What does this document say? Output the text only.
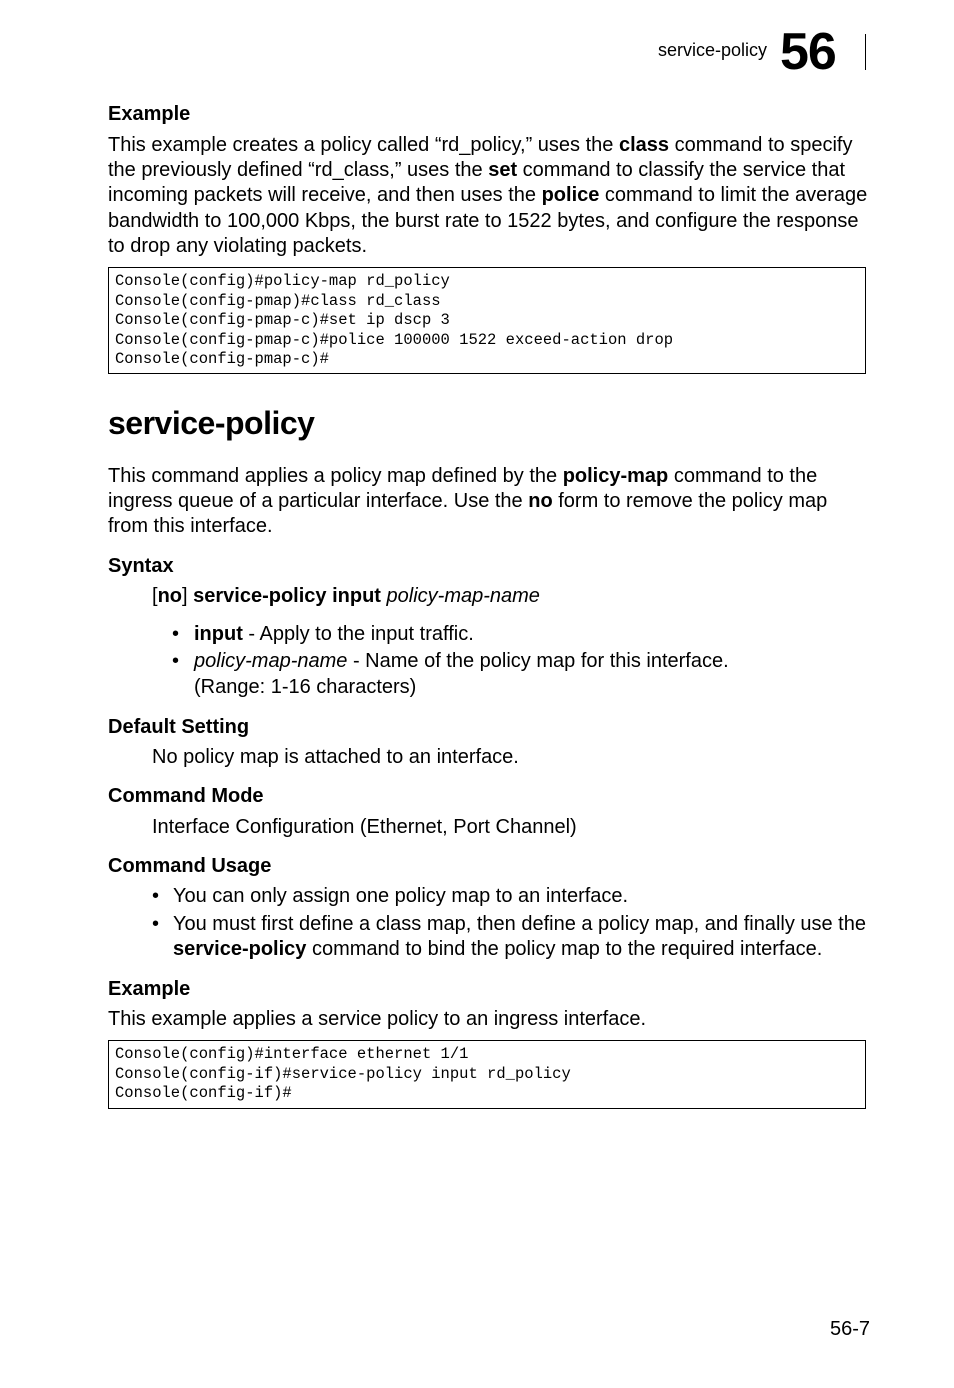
service-policy 56
Example
This example creates a policy called “rd_policy,” uses the class command to specify the previously defined “rd_class,” uses the set command to classify the service that incoming packets will receive, and then uses the police command to limit the average bandwidth to 100,000 Kbps, the burst rate to 1522 bytes, and configure the response to drop any violating packets.
Console(config)#policy-map rd_policy
Console(config-pmap)#class rd_class
Console(config-pmap-c)#set ip dscp 3
Console(config-pmap-c)#police 100000 1522 exceed-action drop
Console(config-pmap-c)#
service-policy
This command applies a policy map defined by the policy-map command to the ingress queue of a particular interface. Use the no form to remove the policy map from this interface.
Syntax
[no] service-policy input policy-map-name
• input - Apply to the input traffic.
• policy-map-name - Name of the policy map for this interface.
(Range: 1-16 characters)
Default Setting
No policy map is attached to an interface.
Command Mode
Interface Configuration (Ethernet, Port Channel)
Command Usage
• You can only assign one policy map to an interface.
• You must first define a class map, then define a policy map, and finally use the service-policy command to bind the policy map to the required interface.
Example
This example applies a service policy to an ingress interface.
Console(config)#interface ethernet 1/1
Console(config-if)#service-policy input rd_policy
Console(config-if)#
56-7
